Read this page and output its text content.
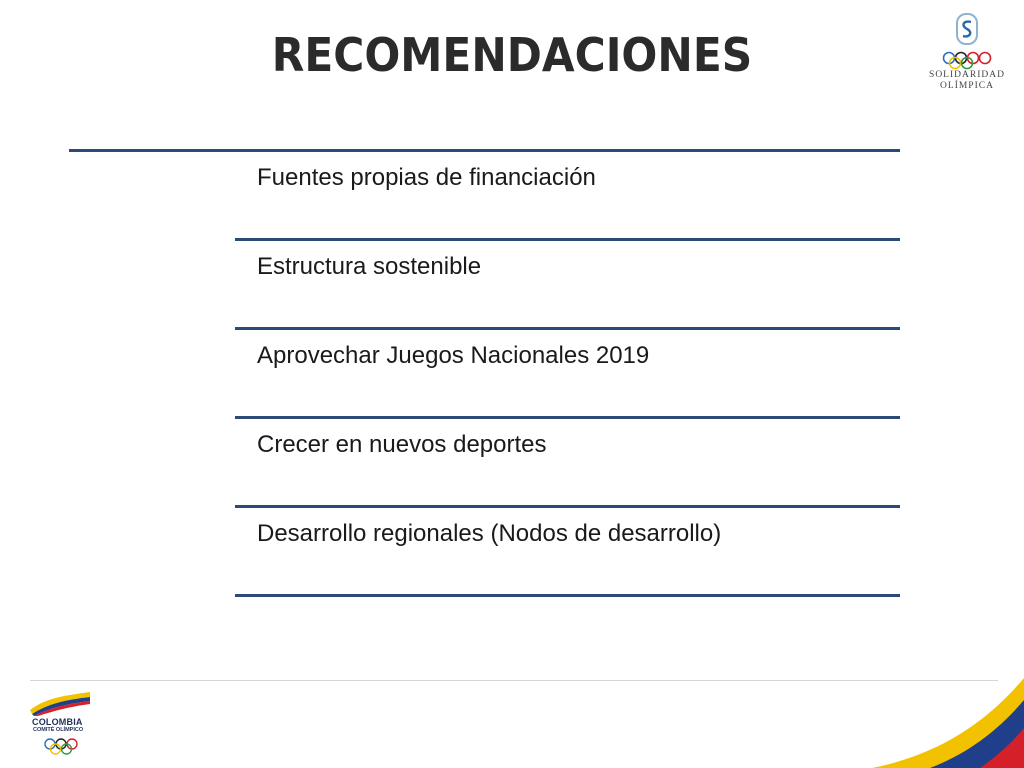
RECOMENDACIONES	SOLIDARIDAD
OLÍMPICA
Fuentes propias de financiación
Estructura sostenible
Aprovechar Juegos Nacionales 2019
Crecer en nuevos deportes
Desarrollo regionales (Nodos de desarrollo)
COLOMBIA
COMITÉ OLÍMPICO
